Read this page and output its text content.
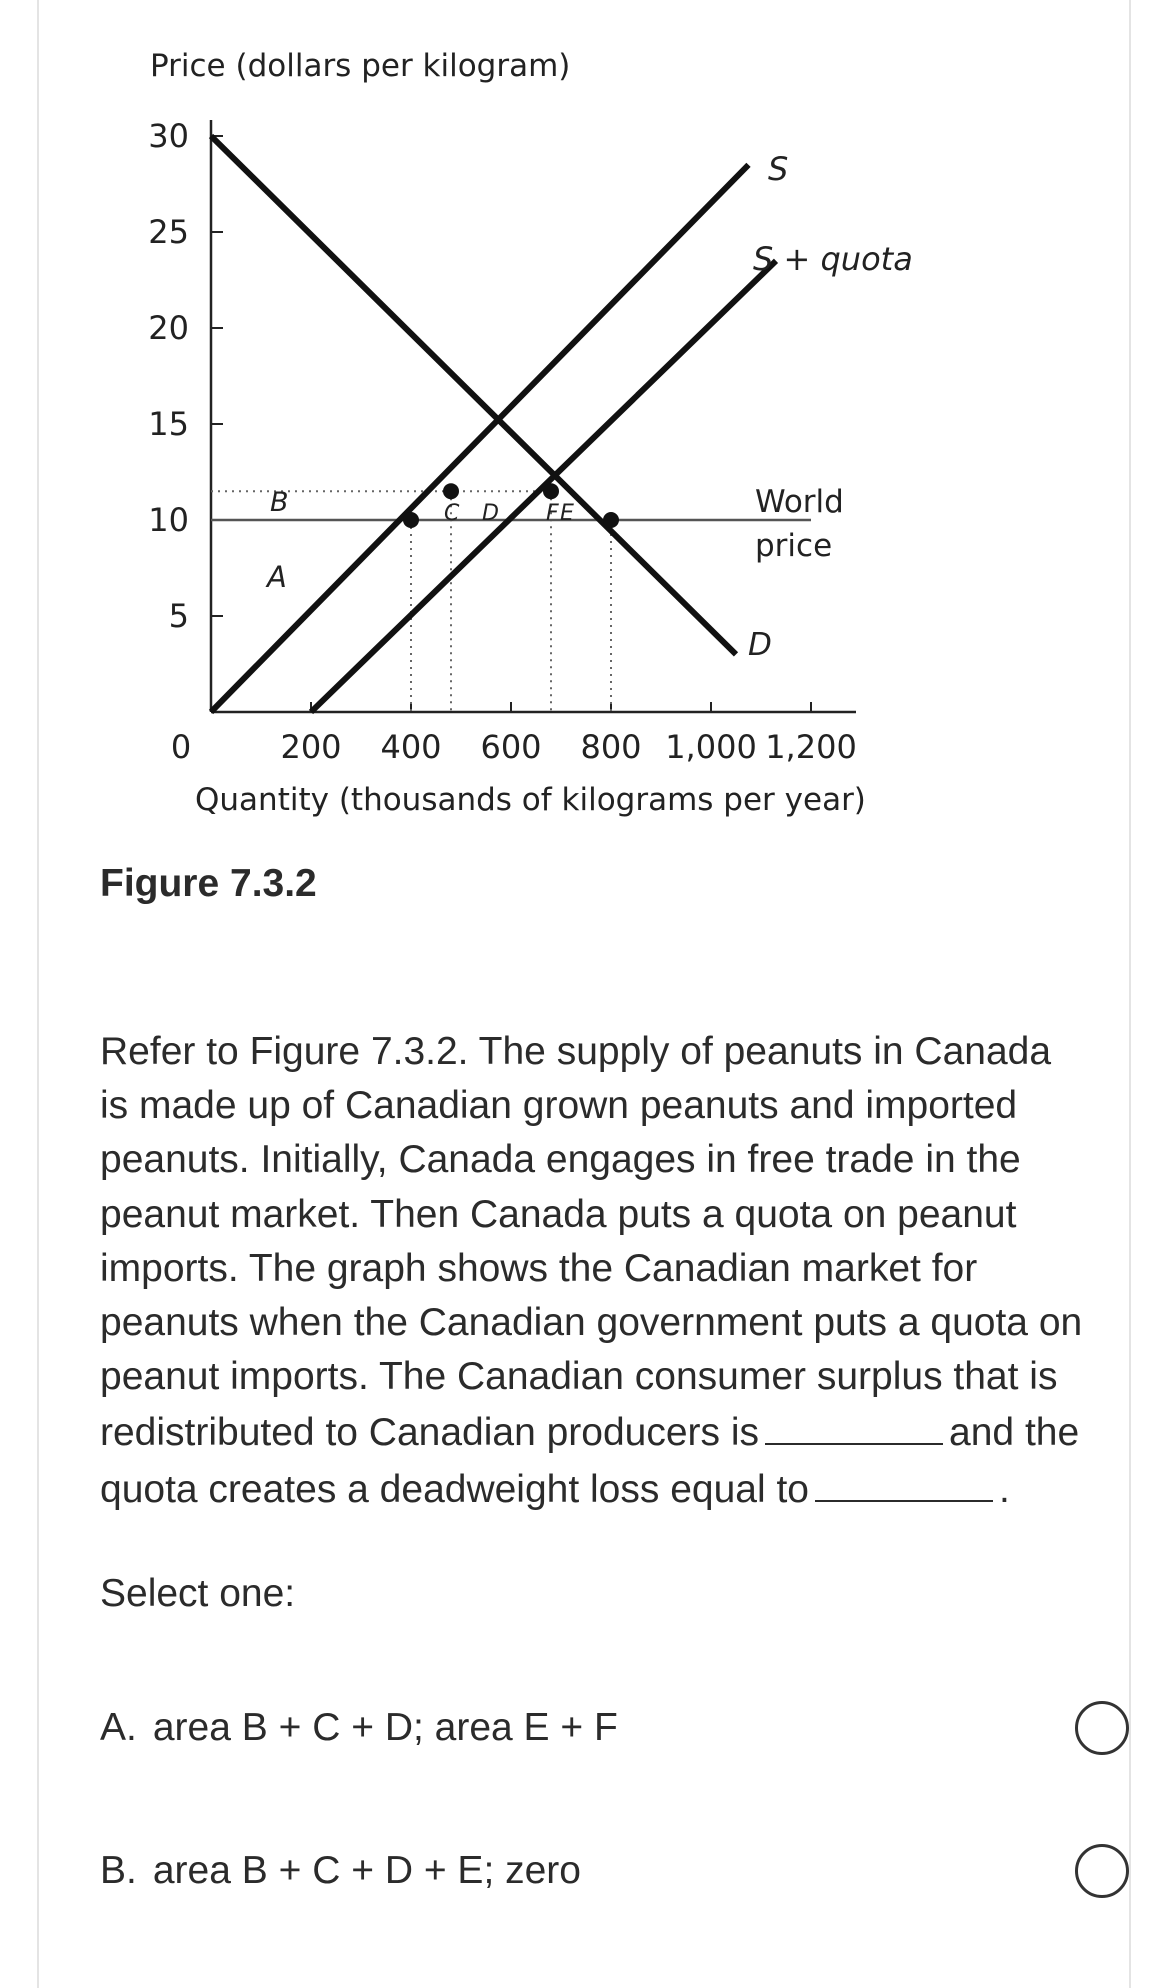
Price (dollars per kilogram)
Quantity (thousands of kilograms per year)
5
10
15
20
25
30
0	200 400 600 800 1,000 1,200
S
S + quota
D
World
price
A
B	C D	E
F
Figure 7.3.2

Refer to Figure 7.3.2. The supply of peanuts in Canada is made up of Canadian grown peanuts and imported peanuts. Initially, Canada engages in free trade in the peanut market. Then Canada puts a quota on peanut imports. The graph shows the Canadian market for peanuts when the Canadian government puts a quota on peanut imports. The Canadian consumer surplus that is redistributed to Canadian producers is	and the quota creates a deadweight loss equal to	.

Select one:
A. area B + C + D; area E + F
B. area B + C + D + E; zero
